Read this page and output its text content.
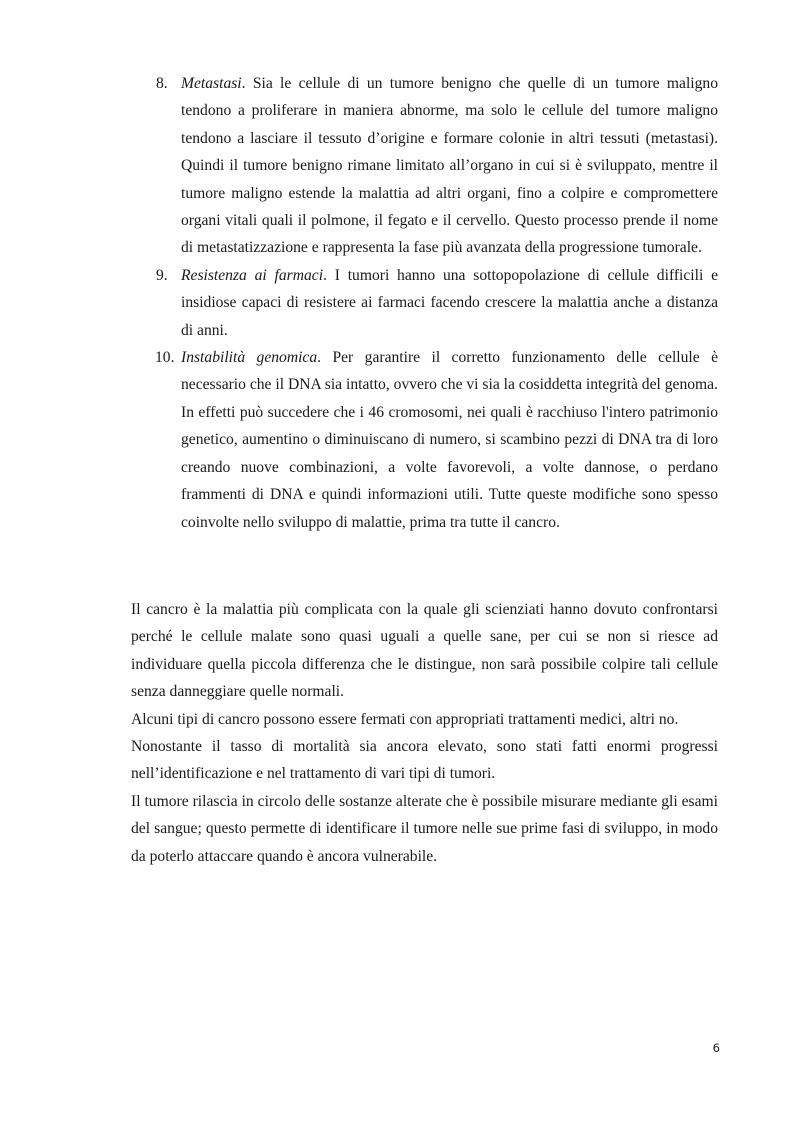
8. Metastasi. Sia le cellule di un tumore benigno che quelle di un tumore maligno tendono a proliferare in maniera abnorme, ma solo le cellule del tumore maligno tendono a lasciare il tessuto d’origine e formare colonie in altri tessuti (metastasi). Quindi il tumore benigno rimane limitato all’organo in cui si è sviluppato, mentre il tumore maligno estende la malattia ad altri organi, fino a colpire e compromettere organi vitali quali il polmone, il fegato e il cervello. Questo processo prende il nome di metastatizzazione e rappresenta la fase più avanzata della progressione tumorale.
9. Resistenza ai farmaci. I tumori hanno una sottopopolazione di cellule difficili e insidiose capaci di resistere ai farmaci facendo crescere la malattia anche a distanza di anni.
10. Instabilità genomica. Per garantire il corretto funzionamento delle cellule è necessario che il DNA sia intatto, ovvero che vi sia la cosiddetta integrità del genoma. In effetti può succedere che i 46 cromosomi, nei quali è racchiuso l'intero patrimonio genetico, aumentino o diminuiscano di numero, si scambino pezzi di DNA tra di loro creando nuove combinazioni, a volte favorevoli, a volte dannose, o perdano frammenti di DNA e quindi informazioni utili. Tutte queste modifiche sono spesso coinvolte nello sviluppo di malattie, prima tra tutte il cancro.

Il cancro è la malattia più complicata con la quale gli scienziati hanno dovuto confrontarsi perché le cellule malate sono quasi uguali a quelle sane, per cui se non si riesce ad individuare quella piccola differenza che le distingue, non sarà possibile colpire tali cellule senza danneggiare quelle normali.

Alcuni tipi di cancro possono essere fermati con appropriati trattamenti medici, altri no.

Nonostante il tasso di mortalità sia ancora elevato, sono stati fatti enormi progressi nell’identificazione e nel trattamento di vari tipi di tumori.

Il tumore rilascia in circolo delle sostanze alterate che è possibile misurare mediante gli esami del sangue; questo permette di identificare il tumore nelle sue prime fasi di sviluppo, in modo da poterlo attaccare quando è ancora vulnerabile.

6
